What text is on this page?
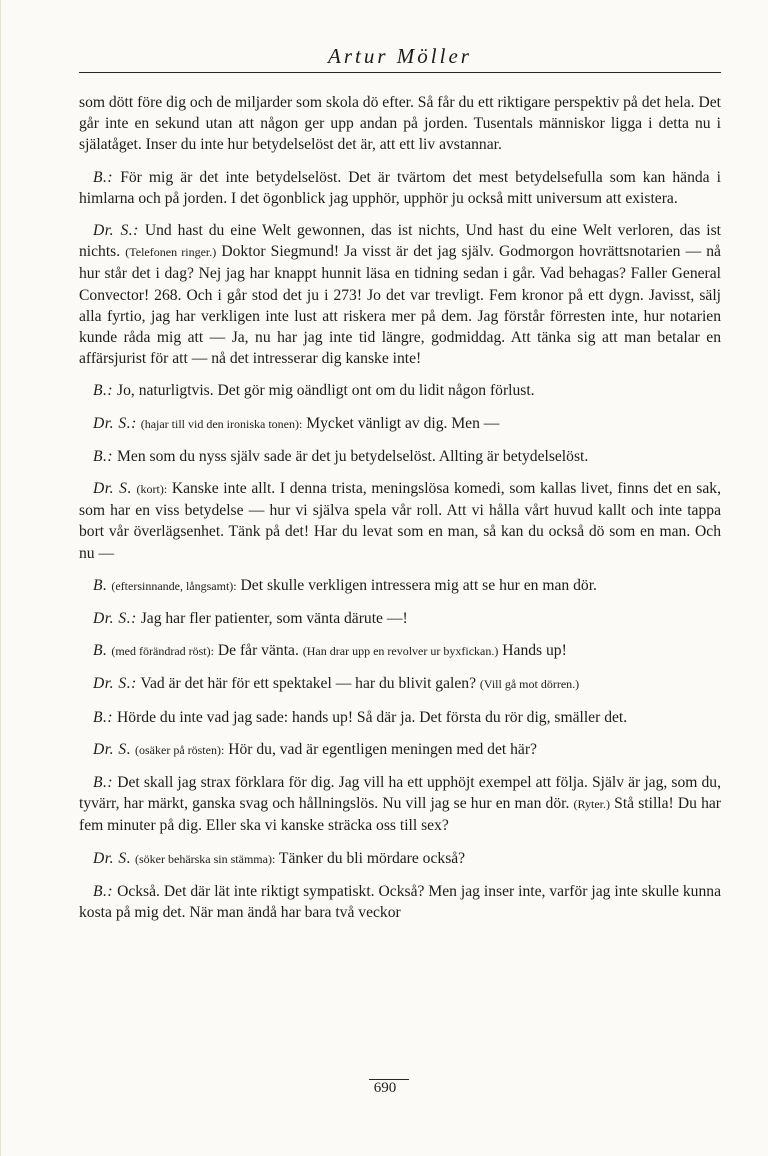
Artur Möller

som dött före dig och de miljarder som skola dö efter. Så får du ett riktigare perspektiv på det hela. Det går inte en sekund utan att någon ger upp andan på jorden. Tusentals människor ligga i detta nu i själatåget. Inser du inte hur betydelselöst det är, att ett liv avstannar.

B.: För mig är det inte betydelselöst. Det är tvärtom det mest betydelsefulla som kan hända i himlarna och på jorden. I det ögonblick jag upphör, upphör ju också mitt universum att existera.

Dr. S.: Und hast du eine Welt gewonnen, das ist nichts, Und hast du eine Welt verloren, das ist nichts. (Telefonen ringer.) Doktor Siegmund! Ja visst är det jag själv. Godmorgon hovrättsnotarien — nå hur står det i dag? Nej jag har knappt hunnit läsa en tidning sedan i går. Vad behagas? Faller General Convector! 268. Och i går stod det ju i 273! Jo det var trevligt. Fem kronor på ett dygn. Javisst, sälj alla fyrtio, jag har verkligen inte lust att riskera mer på dem. Jag förstår förresten inte, hur notarien kunde råda mig att — Ja, nu har jag inte tid längre, godmiddag. Att tänka sig att man betalar en affärsjurist för att — nå det intresserar dig kanske inte!

B.: Jo, naturligtvis. Det gör mig oändligt ont om du lidit någon förlust.

Dr. S.: (hajar till vid den ironiska tonen): Mycket vänligt av dig. Men —

B.: Men som du nyss själv sade är det ju betydelselöst. Allting är betydelselöst.

Dr. S. (kort): Kanske inte allt. I denna trista, meningslösa komedi, som kallas livet, finns det en sak, som har en viss betydelse — hur vi själva spela vår roll. Att vi hålla vårt huvud kallt och inte tappa bort vår överlägsenhet. Tänk på det! Har du levat som en man, så kan du också dö som en man. Och nu —

B. (eftersinnande, långsamt): Det skulle verkligen intressera mig att se hur en man dör.

Dr. S.: Jag har fler patienter, som vänta därute —!

B. (med förändrad röst): De får vänta. (Han drar upp en revolver ur byxfickan.) Hands up!

Dr. S.: Vad är det här för ett spektakel — har du blivit galen? (Vill gå mot dörren.)

B.: Hörde du inte vad jag sade: hands up! Så där ja. Det första du rör dig, smäller det.

Dr. S. (osäker på rösten): Hör du, vad är egentligen meningen med det här?

B.: Det skall jag strax förklara för dig. Jag vill ha ett upphöjt exempel att följa. Själv är jag, som du, tyvärr, har märkt, ganska svag och hållningslös. Nu vill jag se hur en man dör. (Ryter.) Stå stilla! Du har fem minuter på dig. Eller ska vi kanske sträcka oss till sex?

Dr. S. (söker behärska sin stämma): Tänker du bli mördare också?

B.: Också. Det där lät inte riktigt sympatiskt. Också? Men jag inser inte, varför jag inte skulle kunna kosta på mig det. När man ändå har bara två veckor

690
